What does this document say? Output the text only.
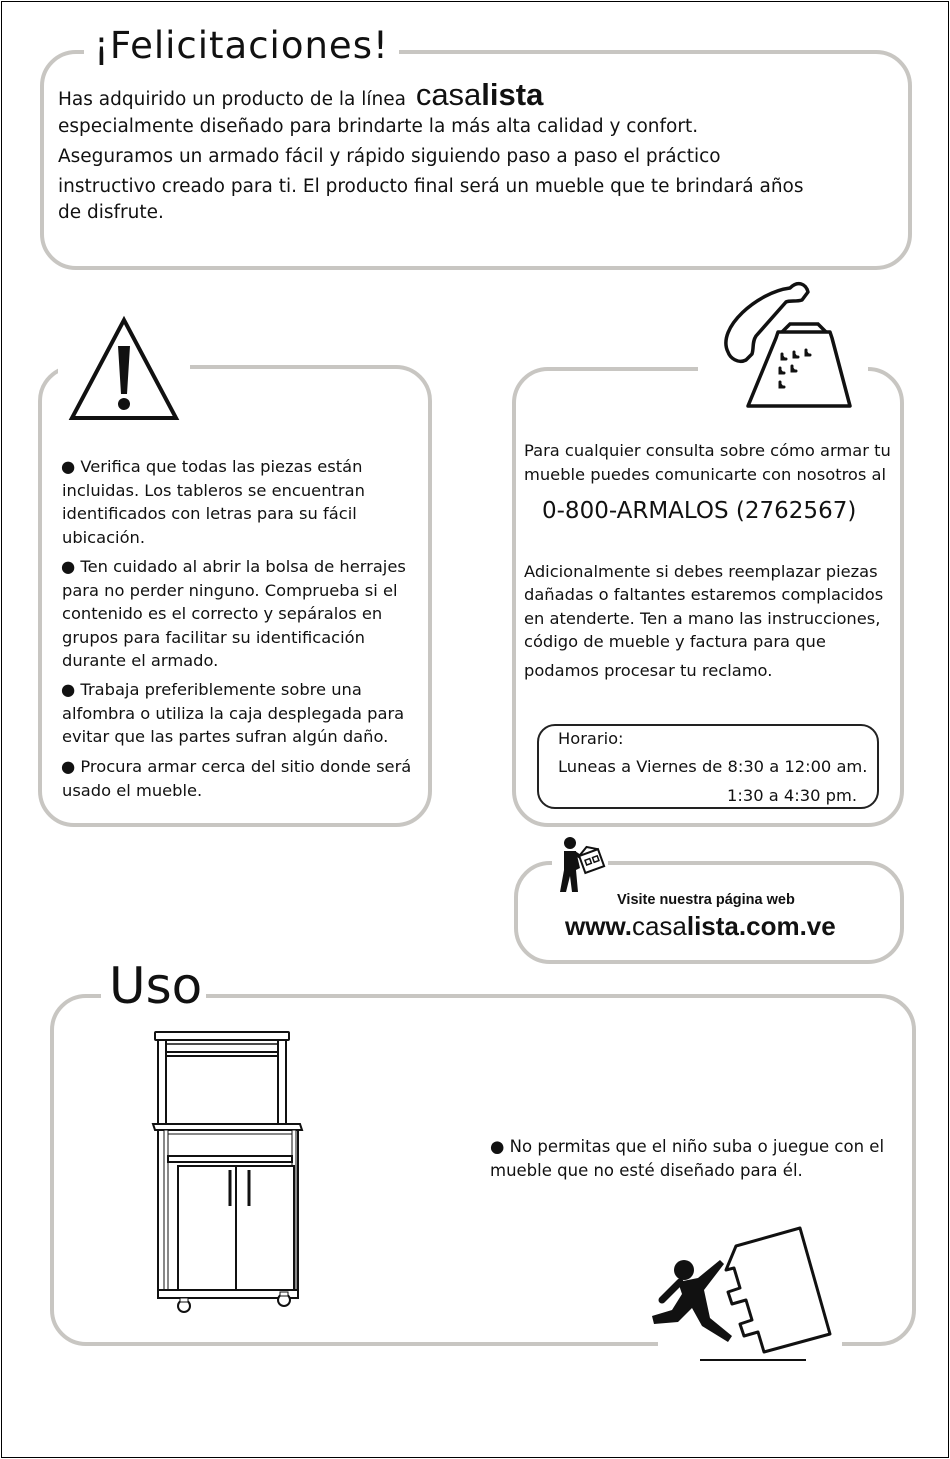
¡Felicitaciones!
Has adquirido un producto de la línea casalista
especialmente diseñado para brindarte la más alta calidad y confort.
Aseguramos un armado fácil y rápido siguiendo paso a paso el práctico
instructivo creado para ti. El producto final será un mueble que te brindará años
de disfrute.
● Verifica que todas las piezas están
incluidas. Los tableros se encuentran
identificados con letras para su fácil
ubicación.
● Ten cuidado al abrir la bolsa de herrajes
para no perder ninguno. Comprueba si el
contenido es el correcto y sepáralos en
grupos para facilitar su identificación
durante el armado.
● Trabaja preferiblemente sobre una
alfombra o utiliza la caja desplegada para
evitar que las partes sufran algún daño.
● Procura armar cerca del sitio donde será
usado el mueble.
Para cualquier consulta sobre cómo armar tu
mueble puedes comunicarte con nosotros al
0-800-ARMALOS (2762567)
Adicionalmente si debes reemplazar piezas
dañadas o faltantes estaremos complacidos
en atenderte. Ten a mano las instrucciones,
código de mueble y factura para que
podamos procesar tu reclamo.
Horario:
Luneas a Viernes de 8:30 a 12:00 am.
1:30 a 4:30 pm.
Visite nuestra página web
www.casalista.com.ve
Uso
● No permitas que el niño suba o juegue con el
mueble que no esté diseñado para él.
